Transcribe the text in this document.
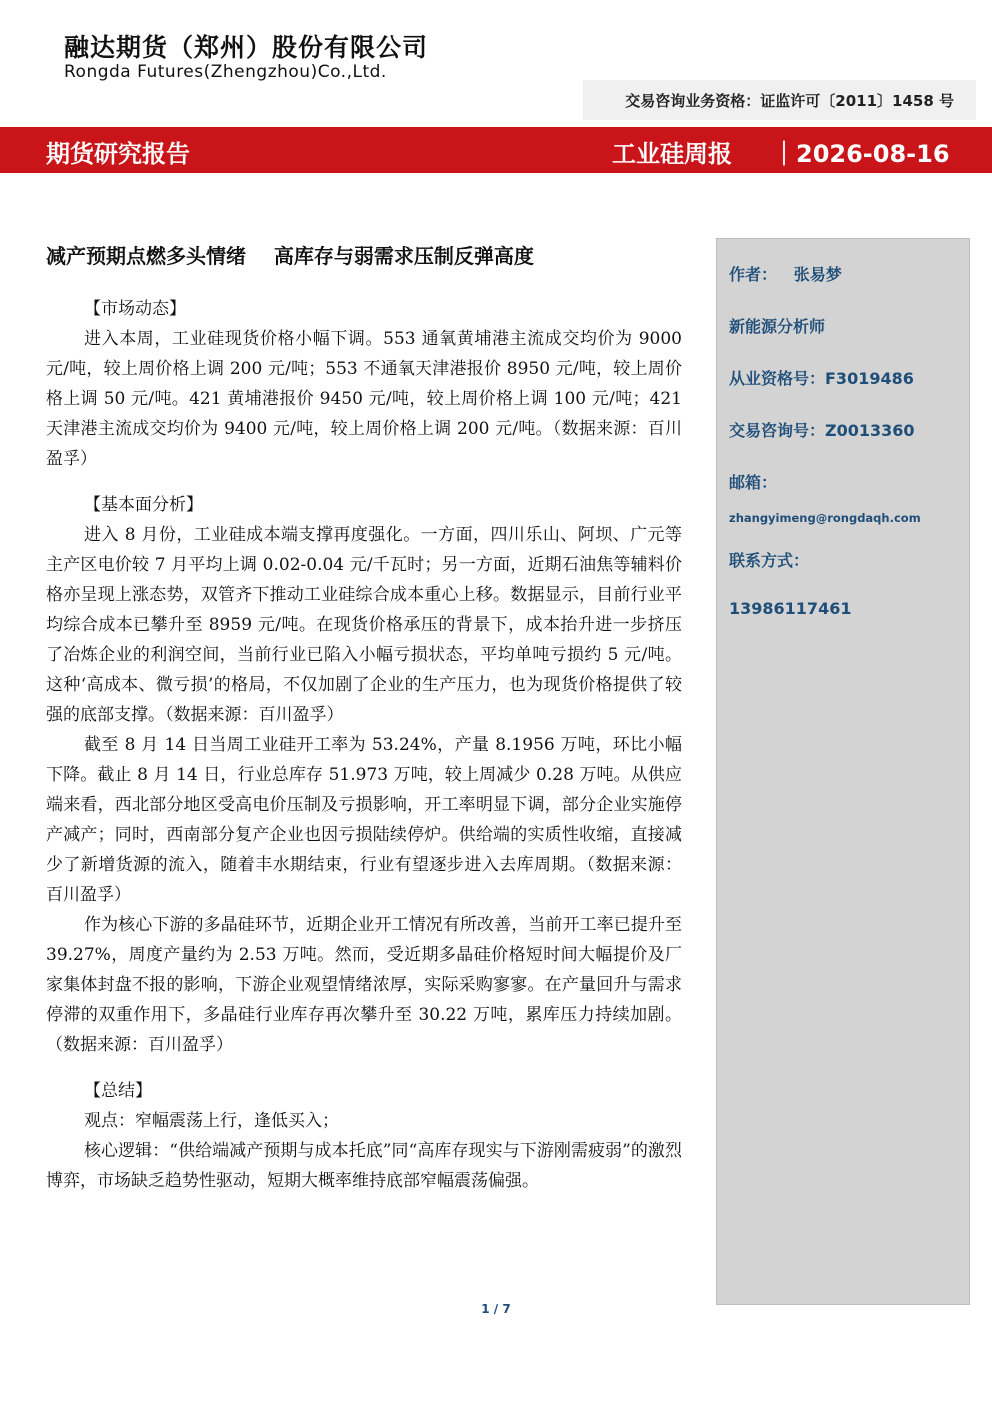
融达期货（郑州）股份有限公司
Rongda Futures(Zhengzhou)Co.,Ltd.
交易咨询业务资格：证监许可〔2011〕1458 号
期货研究报告	工业硅周报 ｜2026-08-16
减产预期点燃多头情绪    高库存与弱需求压制反弹高度
【市场动态】
进入本周，工业硅现货价格小幅下调。553 通氧黄埔港主流成交均价为 9000 元/吨，较上周价格上调 200 元/吨；553 不通氧天津港报价 8950 元/吨，较上周价格上调 50 元/吨。421 黄埔港报价 9450 元/吨，较上周价格上调 100 元/吨；421 天津港主流成交均价为 9400 元/吨，较上周价格上调 200 元/吨。（数据来源：百川盈孚）
【基本面分析】
进入 8 月份，工业硅成本端支撑再度强化。一方面，四川乐山、阿坝、广元等主产区电价较 7 月平均上调 0.02-0.04 元/千瓦时；另一方面，近期石油焦等辅料价格亦呈现上涨态势，双管齐下推动工业硅综合成本重心上移。数据显示，目前行业平均综合成本已攀升至 8959 元/吨。在现货价格承压的背景下，成本抬升进一步挤压了冶炼企业的利润空间，当前行业已陷入小幅亏损状态，平均单吨亏损约 5 元/吨。这种‘高成本、微亏损’的格局，不仅加剧了企业的生产压力，也为现货价格提供了较强的底部支撑。（数据来源：百川盈孚）
截至 8 月 14 日当周工业硅开工率为 53.24%，产量 8.1956 万吨，环比小幅下降。截止 8 月 14 日，行业总库存 51.973 万吨，较上周减少 0.28 万吨。从供应端来看，西北部分地区受高电价压制及亏损影响，开工率明显下调，部分企业实施停产减产；同时，西南部分复产企业也因亏损陆续停炉。供给端的实质性收缩，直接减少了新增货源的流入，随着丰水期结束，行业有望逐步进入去库周期。（数据来源：百川盈孚）
作为核心下游的多晶硅环节，近期企业开工情况有所改善，当前开工率已提升至 39.27%，周度产量约为 2.53 万吨。然而，受近期多晶硅价格短时间大幅提价及厂家集体封盘不报的影响，下游企业观望情绪浓厚，实际采购寥寥。在产量回升与需求停滞的双重作用下，多晶硅行业库存再次攀升至 30.22 万吨，累库压力持续加剧。（数据来源：百川盈孚）
【总结】
观点：窄幅震荡上行，逢低买入；
核心逻辑：“供给端减产预期与成本托底”同“高库存现实与下游刚需疲弱”的激烈博弈，市场缺乏趋势性驱动，短期大概率维持底部窄幅震荡偏强。
作者：   张易梦
新能源分析师
从业资格号：F3019486
交易咨询号：Z0013360
邮箱：
zhangyimeng@rongdaqh.com
联系方式：
13986117461
1 / 7
